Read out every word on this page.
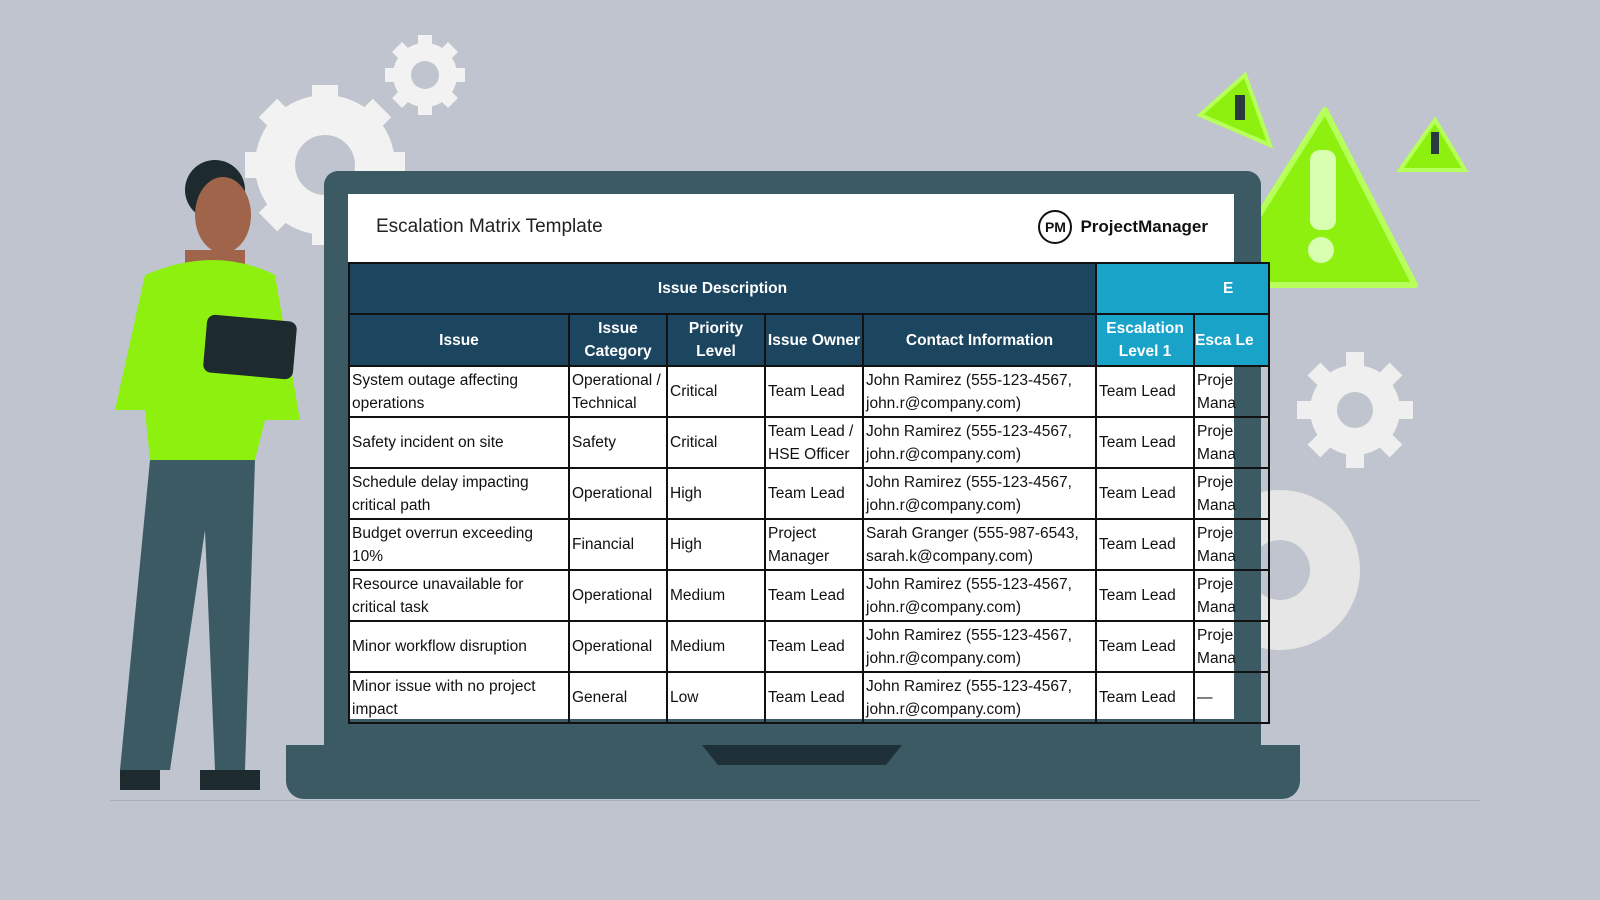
Escalation Matrix Template	PM ProjectManager
Issue Description					E	
Issue	Issue Category	Priority Level	Issue Owner	Contact Information	Escalation Level 1	Esca Le
System outage affecting operations	Operational / Technical	Critical	Team Lead	John Ramirez (555-123-4567, john.r@company.com)	Team Lead	Proje Mana
Safety incident on site	Safety	Critical	Team Lead / HSE Officer	John Ramirez (555-123-4567, john.r@company.com)	Team Lead	Proje Mana
Schedule delay impacting critical path	Operational	High	Team Lead	John Ramirez (555-123-4567, john.r@company.com)	Team Lead	Proje Mana
Budget overrun exceeding 10%	Financial	High	Project Manager	Sarah Granger (555-987-6543, sarah.k@company.com)	Team Lead	Proje Mana
Resource unavailable for critical task	Operational	Medium	Team Lead	John Ramirez (555-123-4567, john.r@company.com)	Team Lead	Proje Mana
Minor workflow disruption	Operational	Medium	Team Lead	John Ramirez (555-123-4567, john.r@company.com)	Team Lead	Proje Mana
Minor issue with no project impact	General	Low	Team Lead	John Ramirez (555-123-4567, john.r@company.com)	Team Lead	—
